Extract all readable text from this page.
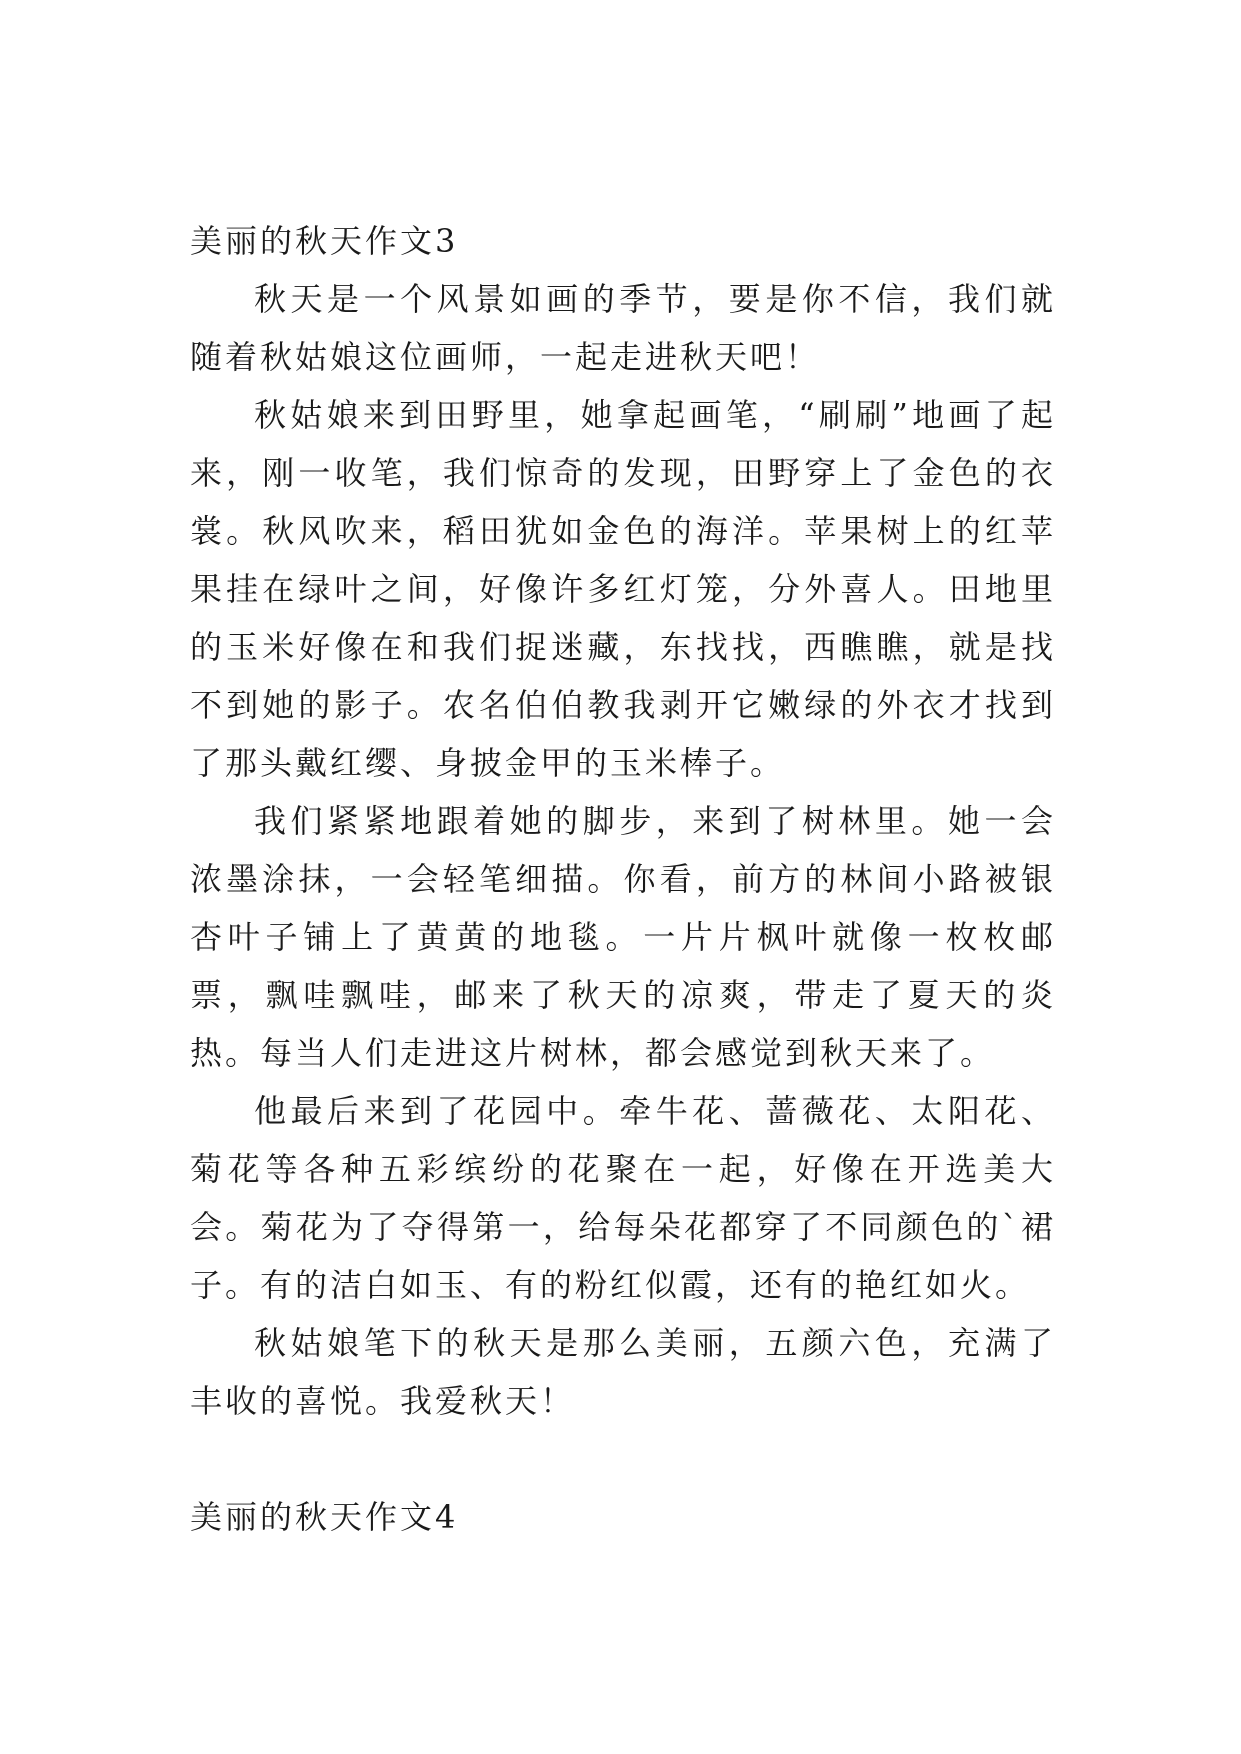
美丽的秋天作文3

秋天是一个风景如画的季节，要是你不信，我们就随着秋姑娘这位画师，一起走进秋天吧！

秋姑娘来到田野里，她拿起画笔，“刷刷”地画了起来，刚一收笔，我们惊奇的发现，田野穿上了金色的衣裳。秋风吹来，稻田犹如金色的海洋。苹果树上的红苹果挂在绿叶之间，好像许多红灯笼，分外喜人。田地里的玉米好像在和我们捉迷藏，东找找，西瞧瞧，就是找不到她的影子。农名伯伯教我剥开它嫩绿的外衣才找到了那头戴红缨、身披金甲的玉米棒子。

我们紧紧地跟着她的脚步，来到了树林里。她一会浓墨涂抹，一会轻笔细描。你看，前方的林间小路被银杏叶子铺上了黄黄的地毯。一片片枫叶就像一枚枚邮票，飘哇飘哇，邮来了秋天的凉爽，带走了夏天的炎热。每当人们走进这片树林，都会感觉到秋天来了。

他最后来到了花园中。牵牛花、蔷薇花、太阳花、菊花等各种五彩缤纷的花聚在一起，好像在开选美大会。菊花为了夺得第一，给每朵花都穿了不同颜色的`裙子。有的洁白如玉、有的粉红似霞，还有的艳红如火。

秋姑娘笔下的秋天是那么美丽，五颜六色，充满了丰收的喜悦。我爱秋天！

美丽的秋天作文4
